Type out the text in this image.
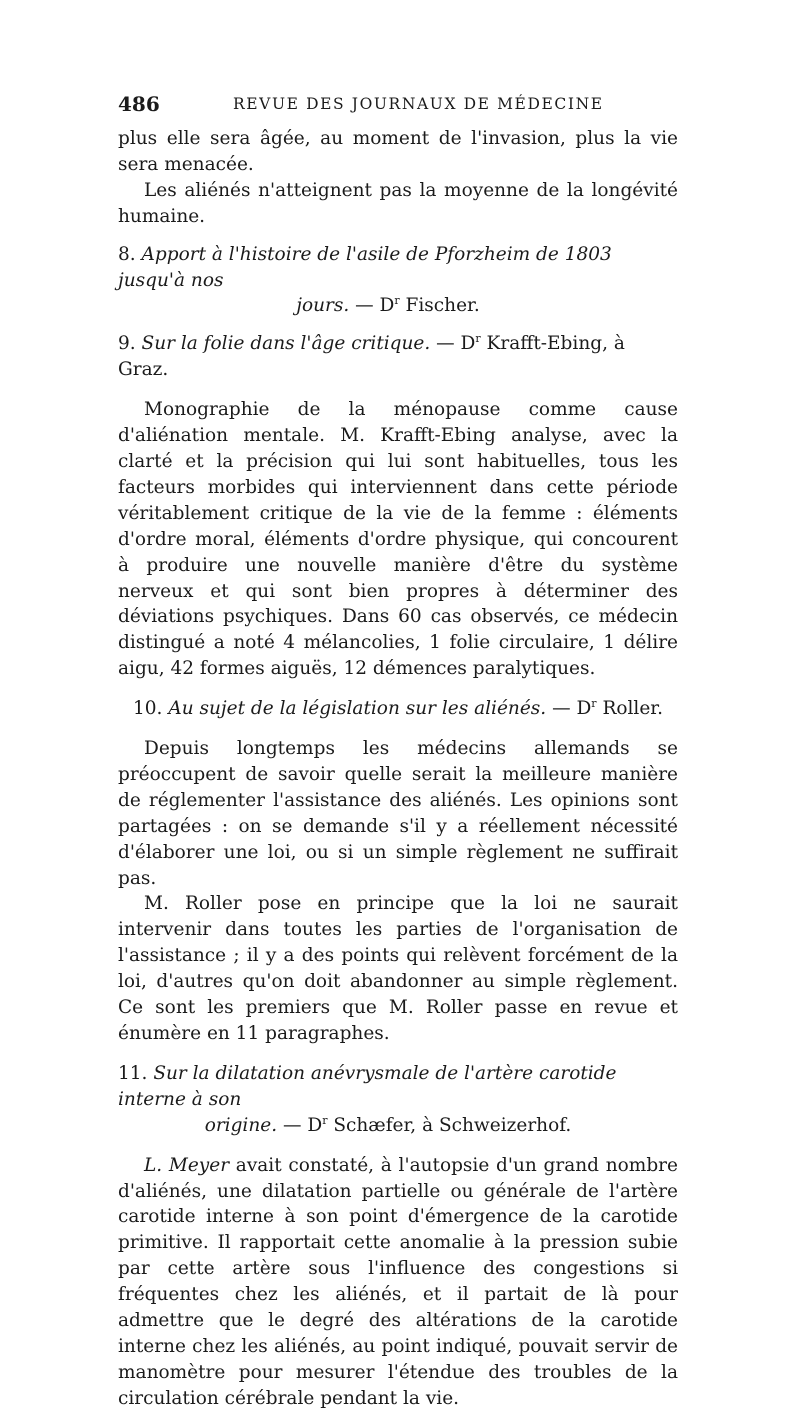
486	REVUE DES JOURNAUX DE MÉDECINE

plus elle sera âgée, au moment de l'invasion, plus la vie sera menacée.

Les aliénés n'atteignent pas la moyenne de la longévité humaine.

8. Apport à l'histoire de l'asile de Pforzheim de 1803 jusqu'à nos
jours. — $D^r$ Fischer.

9. Sur la folie dans l'âge critique. — $D^r$ Krafft-Ebing, à Graz.

Monographie de la ménopause comme cause d'aliénation mentale. M. Krafft-Ebing analyse, avec la clarté et la précision qui lui sont habituelles, tous les facteurs morbides qui interviennent dans cette période véritablement critique de la vie de la femme : éléments d'ordre moral, éléments d'ordre physique, qui concourent à produire une nouvelle manière d'être du système nerveux et qui sont bien propres à déterminer des déviations psychiques. Dans 60 cas observés, ce médecin distingué a noté 4 mélancolies, 1 folie circulaire, 1 délire aigu, 42 formes aiguës, 12 démences paralytiques.

10. Au sujet de la législation sur les aliénés. — $D^r$ Roller.

Depuis longtemps les médecins allemands se préoccupent de savoir quelle serait la meilleure manière de réglementer l'assistance des aliénés. Les opinions sont partagées : on se demande s'il y a réellement nécessité d'élaborer une loi, ou si un simple règlement ne suffirait pas.

M. Roller pose en principe que la loi ne saurait intervenir dans toutes les parties de l'organisation de l'assistance ; il y a des points qui relèvent forcément de la loi, d'autres qu'on doit abandonner au simple règlement. Ce sont les premiers que M. Roller passe en revue et énumère en 11 paragraphes.

11. Sur la dilatation anévrysmale de l'artère carotide interne à son
origine. — $D^r$ Schæfer, à Schweizerhof.

L. Meyer avait constaté, à l'autopsie d'un grand nombre d'aliénés, une dilatation partielle ou générale de l'artère carotide interne à son point d'émergence de la carotide primitive. Il rapportait cette anomalie à la pression subie par cette artère sous l'influence des congestions si fréquentes chez les aliénés, et il partait de là pour admettre que le degré des altérations de la carotide interne chez les aliénés, au point indiqué, pouvait servir de manomètre pour mesurer l'étendue des troubles de la circulation cérébrale pendant la vie.
